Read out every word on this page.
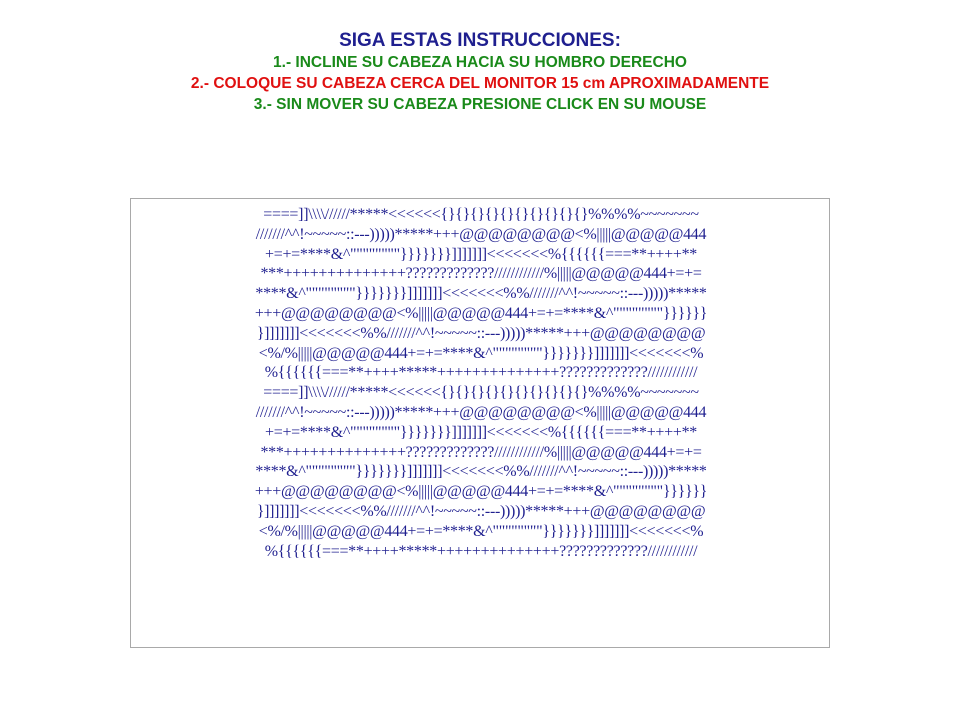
SIGA ESTAS INSTRUCCIONES:
1.- INCLINE SU CABEZA HACIA SU HOMBRO DERECHO
2.- COLOQUE SU CABEZA CERCA DEL MONITOR 15 cm APROXIMADAMENTE
3.- SIN MOVER SU CABEZA PRESIONE CLICK EN SU MOUSE
====]]\\\\//////*****<<<<<<{}{}{}{}{}{}{}{}{}{}%%%%~~~~~~~
///////^^!~~~~~::---)))))*****+++@@@@@@@@<%|||||@@@@@444
+=+=****&^""""""""}}}}}}}]]]]]]]<<<<<<<%{{{{{{===**++++**
***++++++++++++++?????????????////////////%|||||@@@@@444+=+=
****&^""""""""}}}}}}}]]]]]]]<<<<<<<%%///////^^!~~~~~::---)))))*****
+++@@@@@@@@<%|||||@@@@@444+=+=****&^""""""""}}}}}}
}]]]]]]]<<<<<<<%%///////^^!~~~~~::---)))))*****+++@@@@@@@@
<%/%|||||@@@@@444+=+=****&^""""""""}}}}}}}]]]]]]]<<<<<<<%
%{{{{{{===**++++*****++++++++++++++?????????????////////////
====]]\\\\//////*****<<<<<<{}{}{}{}{}{}{}{}{}{}%%%%~~~~~~~
///////^^!~~~~~::---)))))*****+++@@@@@@@@<%|||||@@@@@444
+=+=****&^""""""""}}}}}}}]]]]]]]<<<<<<<%{{{{{{===**++++**
***++++++++++++++?????????????////////////%|||||@@@@@444+=+=
****&^""""""""}}}}}}}]]]]]]]<<<<<<<%%///////^^!~~~~~::---)))))*****
+++@@@@@@@@<%|||||@@@@@444+=+=****&^""""""""}}}}}}
}]]]]]]]<<<<<<<%%///////^^!~~~~~::---)))))*****+++@@@@@@@@
<%/%|||||@@@@@444+=+=****&^""""""""}}}}}}}]]]]]]]<<<<<<<%
%{{{{{{===**++++*****++++++++++++++?????????????////////////
